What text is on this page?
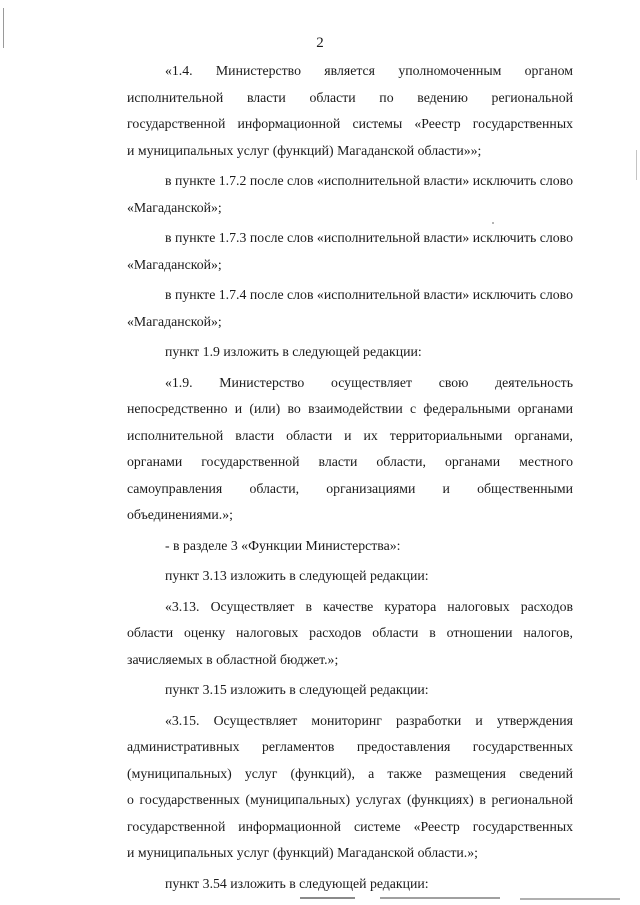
2
«1.4. Министерство является уполномоченным органом
исполнительной власти области по ведению региональной
государственной информационной системы «Реестр государственных
и муниципальных услуг (функций) Магаданской области»»;
в пункте 1.7.2 после слов «исполнительной власти» исключить слово
«Магаданской»;
в пункте 1.7.3 после слов «исполнительной власти» исключить слово
«Магаданской»;
в пункте 1.7.4 после слов «исполнительной власти» исключить слово
«Магаданской»;
пункт 1.9 изложить в следующей редакции:
«1.9. Министерство осуществляет свою деятельность
непосредственно и (или) во взаимодействии с федеральными органами
исполнительной власти области и их территориальными органами,
органами государственной власти области, органами местного
самоуправления области, организациями и общественными
объединениями.»;
- в разделе 3 «Функции Министерства»:
пункт 3.13 изложить в следующей редакции:
«3.13. Осуществляет в качестве куратора налоговых расходов
области оценку налоговых расходов области в отношении налогов,
зачисляемых в областной бюджет.»;
пункт 3.15 изложить в следующей редакции:
«3.15. Осуществляет мониторинг разработки и утверждения
административных регламентов предоставления государственных
(муниципальных) услуг (функций), а также размещения сведений
о государственных (муниципальных) услугах (функциях) в региональной
государственной информационной системе «Реестр государственных
и муниципальных услуг (функций) Магаданской области.»;
пункт 3.54 изложить в следующей редакции:
